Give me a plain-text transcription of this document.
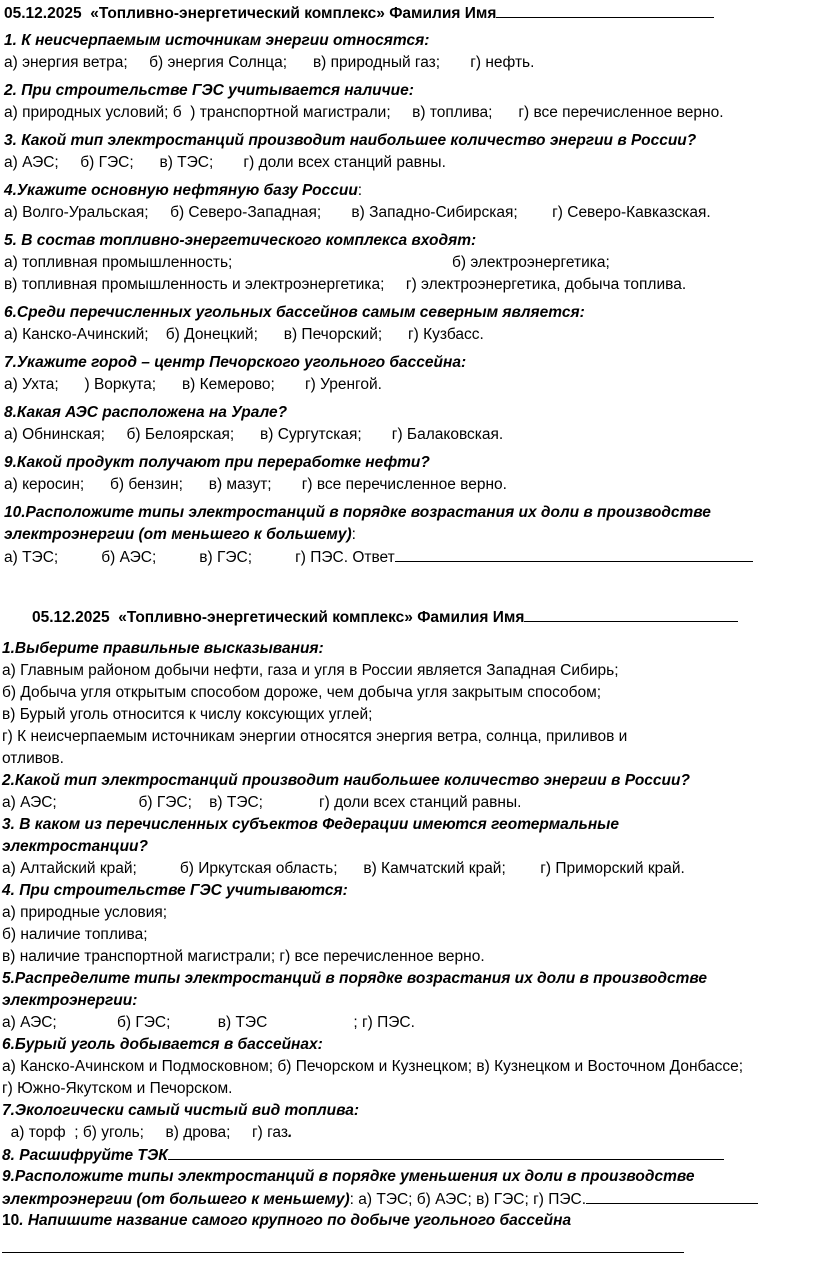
05.12.2025 «Топливно-энергетический комплекс» Фамилия Имя
1. К неисчерпаемым источникам энергии относятся:
а) энергия ветра;     б) энергия Солнца;      в) природный газ;       г) нефть.
2. При строительстве ГЭС учитывается наличие:
а) природных условий; б  ) транспортной магистрали;     в) топлива;      г) все перечисленное верно.
3. Какой тип электростанций производит наибольшее количество энергии в России?
а) АЭС;     б) ГЭС;      в) ТЭС;       г) доли всех станций равны.
4.Укажите основную нефтяную базу России:
а) Волго-Уральская;     б) Северо-Западная;       в) Западно-Сибирская;        г) Северо-Кавказская.
5. В состав топливно-энергетического комплекса входят:
а) топливная промышленность;                                                   б) электроэнергетика;
в) топливная промышленность и электроэнергетика;     г) электроэнергетика, добыча топлива.
6.Среди перечисленных угольных бассейнов самым северным является:
а) Канско-Ачинский;    б) Донецкий;      в) Печорский;      г) Кузбасс.
7.Укажите город – центр Печорского угольного бассейна:
а) Ухта;      ) Воркута;      в) Кемерово;       г) Уренгой.
8.Какая АЭС расположена на Урале?
а) Обнинская;     б) Белоярская;      в) Сургутская;       г) Балаковская.
9.Какой продукт получают при переработке нефти?
а) керосин;      б) бензин;      в) мазут;       г) все перечисленное верно.
10.Расположите типы электростанций в порядке возрастания их доли в производстве
электроэнергии (от меньшего к большему):
а) ТЭС;          б) АЭС;          в) ГЭС;          г) ПЭС. Ответ
05.12.2025 «Топливно-энергетический комплекс» Фамилия Имя
1.Выберите правильные высказывания:
а) Главным районом добычи нефти, газа и угля в России является Западная Сибирь;
б) Добыча угля открытым способом дороже, чем добыча угля закрытым способом;
в) Бурый уголь относится к числу коксующих углей;
г) К неисчерпаемым источникам энергии относятся энергия ветра, солнца, приливов и
отливов.
2.Какой тип электростанций производит наибольшее количество энергии в России?
а) АЭС;                   б) ГЭС;    в) ТЭС;             г) доли всех станций равны.
3. В каком из перечисленных субъектов Федерации имеются геотермальные
электростанции?
а) Алтайский край;          б) Иркутская область;      в) Камчатский край;        г) Приморский край.
4. При строительстве ГЭС учитываются:
а) природные условия;
б) наличие топлива;
в) наличие транспортной магистрали; г) все перечисленное верно.
5.Распределите типы электростанций в порядке возрастания их доли в производстве
электроэнергии:
а) АЭС;              б) ГЭС;           в) ТЭС                    ; г) ПЭС.
6.Бурый уголь добывается в бассейнах:
а) Канско-Ачинском и Подмосковном; б) Печорском и Кузнецком; в) Кузнецком и Восточном Донбассе;
г) Южно-Якутском и Печорском.
7.Экологически самый чистый вид топлива:
а) торф  ; б) уголь;     в) дрова;     г) газ.
8. Расшифруйте ТЭК
9.Расположите типы электростанций в порядке уменьшения их доли в производстве
электроэнергии (от большего к меньшему): а) ТЭС; б) АЭС; в) ГЭС; г) ПЭС.
10. Напишите название самого крупного по добыче угольного бассейна
